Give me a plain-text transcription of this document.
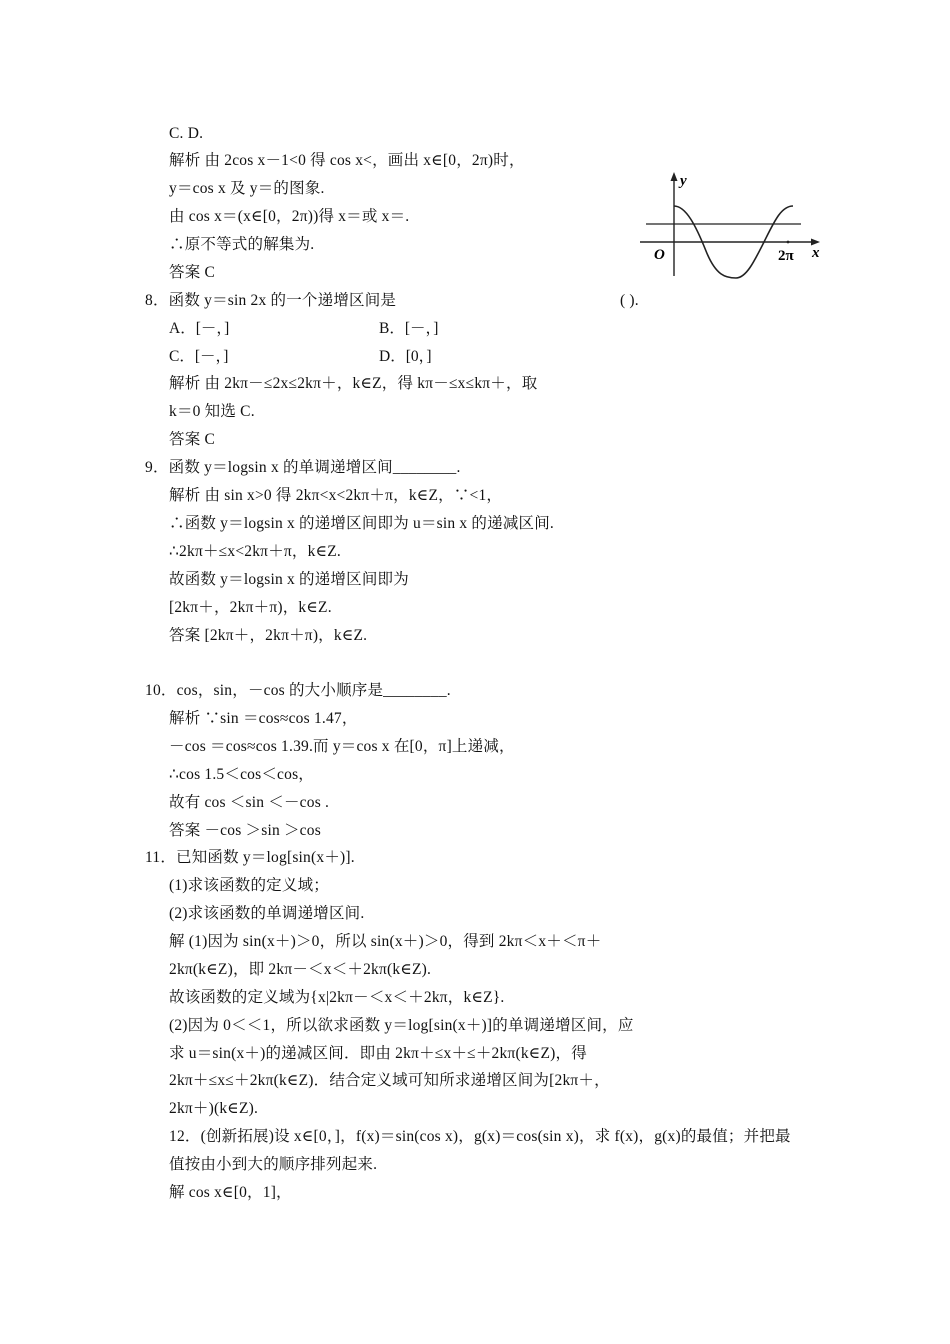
C. D.
解析 由 2cos x－1<0 得 cos x<，画出 x∈[0，2π)时，
y＝cos x 及 y＝的图象.
由 cos x＝(x∈[0，2π))得 x＝或 x＝.
∴原不等式的解集为.
答案 C
8．函数 y＝sin 2x 的一个递增区间是	( ).
A．[－，]	B．[－，]
C．[－，]	D．[0，]
解析 由 2kπ－≤2x≤2kπ＋，k∈Z，得 kπ－≤x≤kπ＋，取
k＝0 知选 C.
答案 C
9．函数 y＝logsin x 的单调递增区间________.
解析 由 sin x>0 得 2kπ<x<2kπ＋π，k∈Z，∵<1，
∴函数 y＝logsin x 的递增区间即为 u＝sin x 的递减区间.
∴2kπ＋≤x<2kπ＋π，k∈Z.
故函数 y＝logsin x 的递增区间即为
[2kπ＋，2kπ＋π)，k∈Z.
答案 [2kπ＋，2kπ＋π)，k∈Z.
10．cos，sin，－cos 的大小顺序是________.
解析 ∵sin ＝cos≈cos 1.47，
－cos ＝cos≈cos 1.39.而 y＝cos x 在[0，π]上递减，
∴cos 1.5＜cos＜cos，
故有 cos ＜sin ＜－cos .
答案 －cos ＞sin ＞cos
11．已知函数 y＝log[sin(x＋)].
(1)求该函数的定义域；
(2)求该函数的单调递增区间.
解 (1)因为 sin(x＋)＞0，所以 sin(x＋)＞0，得到 2kπ＜x＋＜π＋
2kπ(k∈Z)，即 2kπ－＜x＜＋2kπ(k∈Z).
故该函数的定义域为{x|2kπ－＜x＜＋2kπ，k∈Z}.
(2)因为 0＜＜1，所以欲求函数 y＝log[sin(x＋)]的单调递增区间，应
求 u＝sin(x＋)的递减区间．即由 2kπ＋≤x＋≤＋2kπ(k∈Z)，得
2kπ＋≤x≤＋2kπ(k∈Z)．结合定义域可知所求递增区间为[2kπ＋，
2kπ＋)(k∈Z).
12．(创新拓展)设 x∈[0，]，f(x)＝sin(cos x)，g(x)＝cos(sin x)，求 f(x)，g(x)的最值；并把最
值按由小到大的顺序排列起来.
解 cos x∈[0，1]，
y
x
O	2π
